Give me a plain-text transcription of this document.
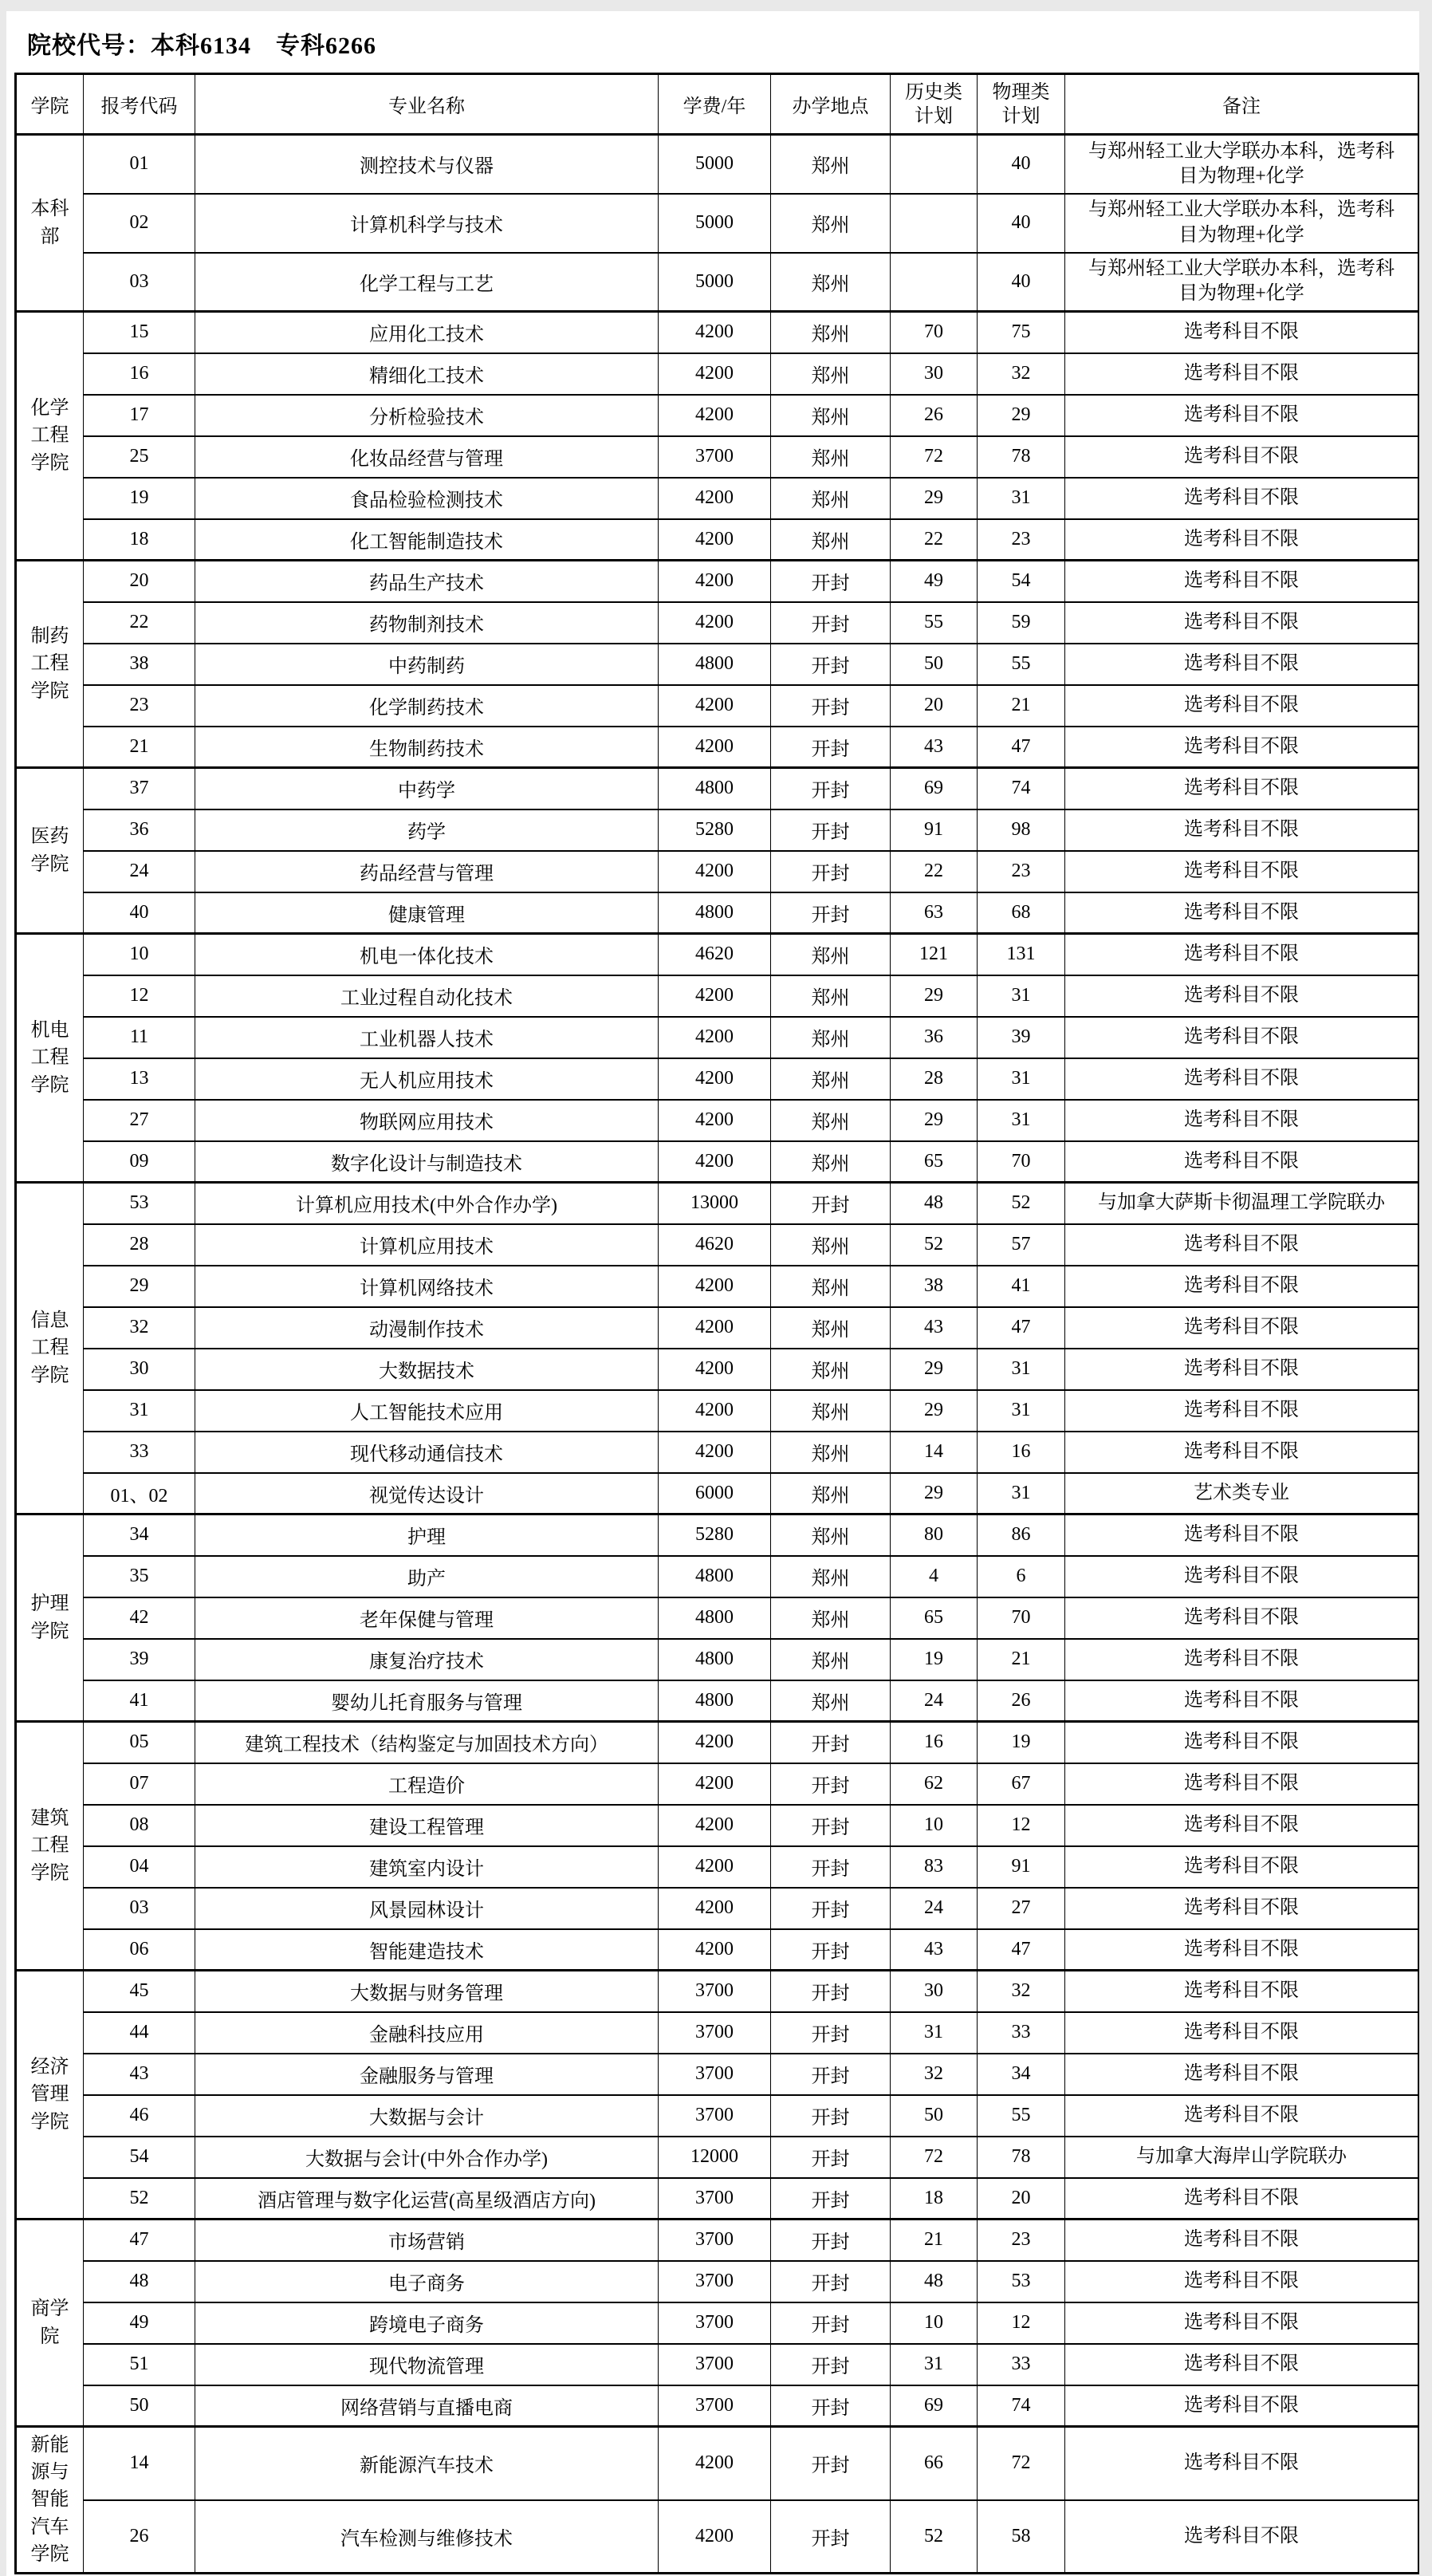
院校代号：本科6134　专科6266
学院	报考代码	专业名称	学费/年	办学地点	历史类计划	物理类计划	备注
本科部	01	测控技术与仪器	5000	郑州		40	与郑州轻工业大学联办本科，选考科目为物理+化学
	02	计算机科学与技术	5000	郑州		40	与郑州轻工业大学联办本科，选考科目为物理+化学
	03	化学工程与工艺	5000	郑州		40	与郑州轻工业大学联办本科，选考科目为物理+化学
化学工程学院	15	应用化工技术	4200	郑州	70	75	选考科目不限
	16	精细化工技术	4200	郑州	30	32	选考科目不限
	17	分析检验技术	4200	郑州	26	29	选考科目不限
	25	化妆品经营与管理	3700	郑州	72	78	选考科目不限
	19	食品检验检测技术	4200	郑州	29	31	选考科目不限
	18	化工智能制造技术	4200	郑州	22	23	选考科目不限
制药工程学院	20	药品生产技术	4200	开封	49	54	选考科目不限
	22	药物制剂技术	4200	开封	55	59	选考科目不限
	38	中药制药	4800	开封	50	55	选考科目不限
	23	化学制药技术	4200	开封	20	21	选考科目不限
	21	生物制药技术	4200	开封	43	47	选考科目不限
医药学院	37	中药学	4800	开封	69	74	选考科目不限
	36	药学	5280	开封	91	98	选考科目不限
	24	药品经营与管理	4200	开封	22	23	选考科目不限
	40	健康管理	4800	开封	63	68	选考科目不限
机电工程学院	10	机电一体化技术	4620	郑州	121	131	选考科目不限
	12	工业过程自动化技术	4200	郑州	29	31	选考科目不限
	11	工业机器人技术	4200	郑州	36	39	选考科目不限
	13	无人机应用技术	4200	郑州	28	31	选考科目不限
	27	物联网应用技术	4200	郑州	29	31	选考科目不限
	09	数字化设计与制造技术	4200	郑州	65	70	选考科目不限
信息工程学院	53	计算机应用技术(中外合作办学)	13000	开封	48	52	与加拿大萨斯卡彻温理工学院联办
	28	计算机应用技术	4620	郑州	52	57	选考科目不限
	29	计算机网络技术	4200	郑州	38	41	选考科目不限
	32	动漫制作技术	4200	郑州	43	47	选考科目不限
	30	大数据技术	4200	郑州	29	31	选考科目不限
	31	人工智能技术应用	4200	郑州	29	31	选考科目不限
	33	现代移动通信技术	4200	郑州	14	16	选考科目不限
	01、02	视觉传达设计	6000	郑州	29	31	艺术类专业
护理学院	34	护理	5280	郑州	80	86	选考科目不限
	35	助产	4800	郑州	4	6	选考科目不限
	42	老年保健与管理	4800	郑州	65	70	选考科目不限
	39	康复治疗技术	4800	郑州	19	21	选考科目不限
	41	婴幼儿托育服务与管理	4800	郑州	24	26	选考科目不限
建筑工程学院	05	建筑工程技术（结构鉴定与加固技术方向）	4200	开封	16	19	选考科目不限
	07	工程造价	4200	开封	62	67	选考科目不限
	08	建设工程管理	4200	开封	10	12	选考科目不限
	04	建筑室内设计	4200	开封	83	91	选考科目不限
	03	风景园林设计	4200	开封	24	27	选考科目不限
	06	智能建造技术	4200	开封	43	47	选考科目不限
经济管理学院	45	大数据与财务管理	3700	开封	30	32	选考科目不限
	44	金融科技应用	3700	开封	31	33	选考科目不限
	43	金融服务与管理	3700	开封	32	34	选考科目不限
	46	大数据与会计	3700	开封	50	55	选考科目不限
	54	大数据与会计(中外合作办学)	12000	开封	72	78	与加拿大海岸山学院联办
	52	酒店管理与数字化运营(高星级酒店方向)	3700	开封	18	20	选考科目不限
商学院	47	市场营销	3700	开封	21	23	选考科目不限
	48	电子商务	3700	开封	48	53	选考科目不限
	49	跨境电子商务	3700	开封	10	12	选考科目不限
	51	现代物流管理	3700	开封	31	33	选考科目不限
	50	网络营销与直播电商	3700	开封	69	74	选考科目不限
新能源与智能汽车学院	14	新能源汽车技术	4200	开封	66	72	选考科目不限
	26	汽车检测与维修技术	4200	开封	52	58	选考科目不限
